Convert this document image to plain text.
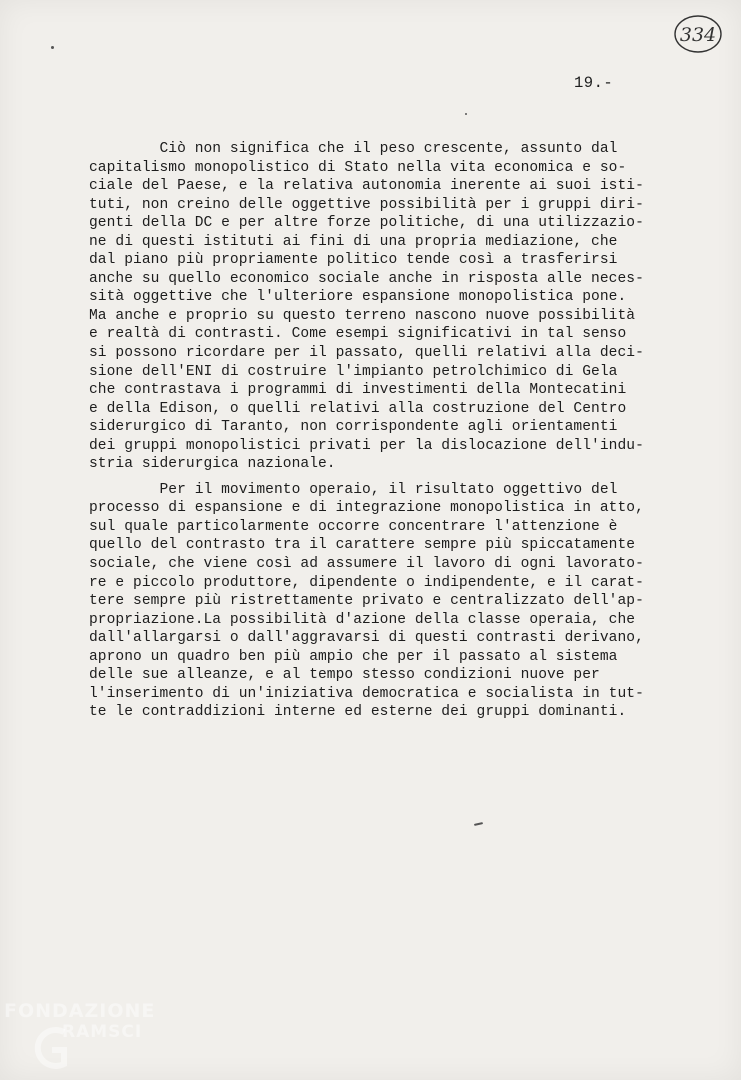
334
19.-
Ciò non significa che il peso crescente, assunto dal
capitalismo monopolistico di Stato nella vita economica e so-
ciale del Paese, e la relativa autonomia inerente ai suoi isti-
tuti, non creino delle oggettive possibilità per i gruppi diri-
genti della DC e per altre forze politiche, di una utilizzazio-
ne di questi istituti ai fini di una propria mediazione, che
dal piano più propriamente politico tende così a trasferirsi
anche su quello economico sociale anche in risposta alle neces-
sità oggettive che l'ulteriore espansione monopolistica pone.
Ma anche e proprio su questo terreno nascono nuove possibilità
e realtà di contrasti. Come esempi significativi in tal senso
si possono ricordare per il passato, quelli relativi alla deci-
sione dell'ENI di costruire l'impianto petrolchimico di Gela
che contrastava i programmi di investimenti della Montecatini
e della Edison, o quelli relativi alla costruzione del Centro
siderurgico di Taranto, non corrispondente agli orientamenti
dei gruppi monopolistici privati per la dislocazione dell'indu-
stria siderurgica nazionale.
Per il movimento operaio, il risultato oggettivo del
processo di espansione e di integrazione monopolistica in atto,
sul quale particolarmente occorre concentrare l'attenzione è
quello del contrasto tra il carattere sempre più spiccatamente
sociale, che viene così ad assumere il lavoro di ogni lavorato-
re e piccolo produttore, dipendente o indipendente, e il carat-
tere sempre più ristrettamente privato e centralizzato dell'ap-
propriazione.La possibilità d'azione della classe operaia, che
dall'allargarsi o dall'aggravarsi di questi contrasti derivano,
aprono un quadro ben più ampio che per il passato al sistema
delle sue alleanze, e al tempo stesso condizioni nuove per
l'inserimento di un'iniziativa democratica e socialista in tut-
te le contraddizioni interne ed esterne dei gruppi dominanti.
FONDAZIONE
RAMSCI
